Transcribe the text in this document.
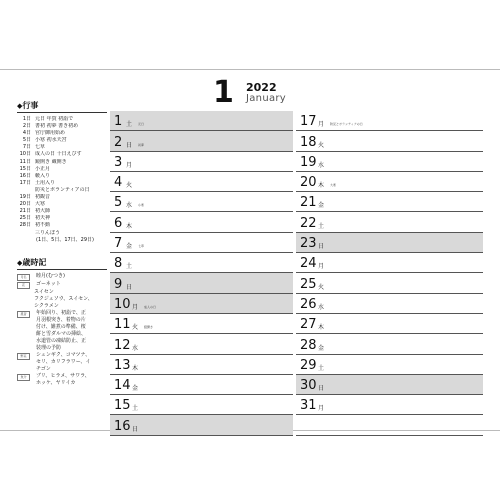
1 2022
January
◆行事
1日 元日 年賀 初詣で
2日 書初 初夢 書き初め
4日 官庁御用始め
5日 小寒 初水天宮
7日 七草
10日 成人の日 十日えびす
11日 鏡開き 蔵開き
15日 小正月
16日 藪入り
17日 土用入り
防災とボランティアの日
19日 初観音
20日 大寒
21日 初大師
25日 初天神
28日 初不動
三りんぼう
(1日、5日、17日、29日)
◆歳時記
月名	睦月(むつき)
花	ゴーネット
スイセン
フクジュソウ、スイセン、
シクラメン
風習	年始回り、初詣で、正
月羽根突き、着物の片
付け、雑煮の準備、桜
餅と雪ダルマの挿絵、
水道管の凍結防止、正
装理の予防
野菜	シュンギク、コマツナ、
セリ、カリフラワー、イ
チゴン
魚介	ブリ、ヒラメ、サワラ、
ホッケ、ヤリイカ
1 土 元日
2 日 初夢
3 月
4 火
5 水 小寒
6 木
7 金 七草
8 土
9 日
10 月 成人の日
11 火 鏡開き
12 水
13 木
14 金
15 土
16 日
17 月 防災とボランティアの日
18 火
19 水
20 木 大寒
21 金
22 土
23 日
24 月
25 火
26 水
27 木
28 金
29 土
30 日
31 月
